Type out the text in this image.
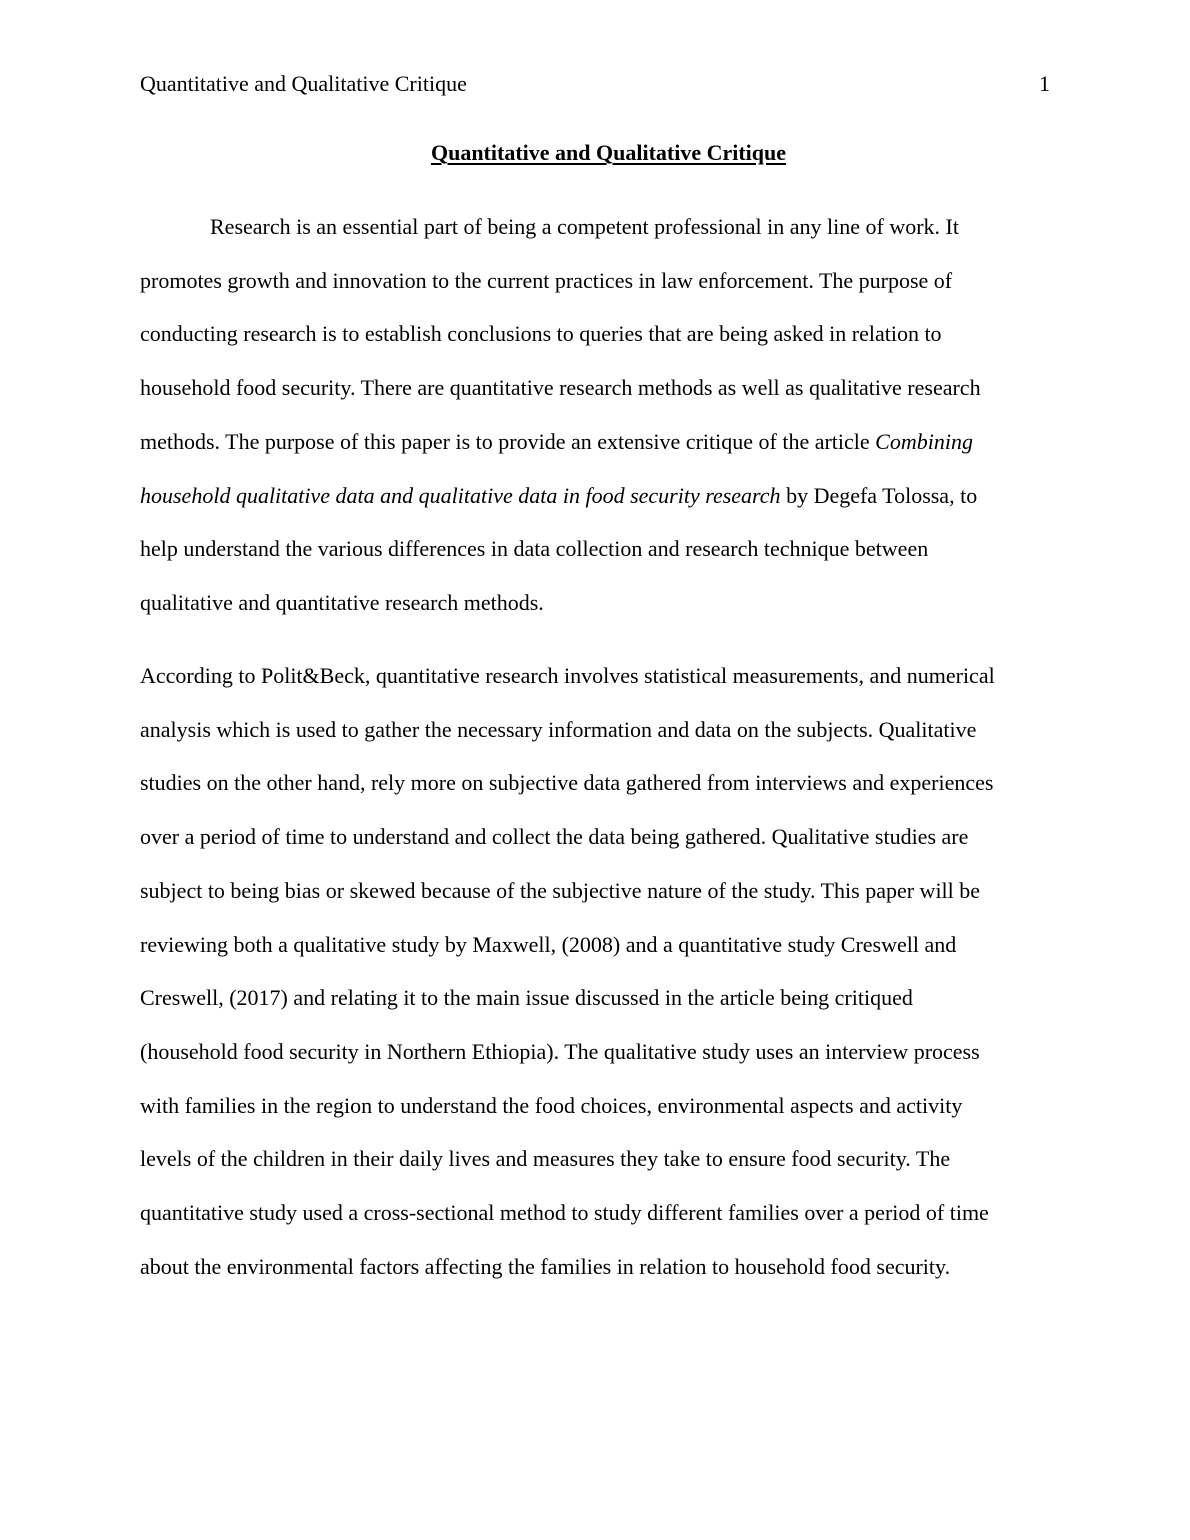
Quantitative and Qualitative Critique	1
Quantitative and Qualitative Critique
Research is an essential part of being a competent professional in any line of work. It
promotes growth and innovation to the current practices in law enforcement. The purpose of
conducting research is to establish conclusions to queries that are being asked in relation to
household food security. There are quantitative research methods as well as qualitative research
methods. The purpose of this paper is to provide an extensive critique of the article Combining
household qualitative data and qualitative data in food security research by Degefa Tolossa, to
help understand the various differences in data collection and research technique between
qualitative and quantitative research methods.
According to Polit&Beck, quantitative research involves statistical measurements, and numerical
analysis which is used to gather the necessary information and data on the subjects. Qualitative
studies on the other hand, rely more on subjective data gathered from interviews and experiences
over a period of time to understand and collect the data being gathered. Qualitative studies are
subject to being bias or skewed because of the subjective nature of the study. This paper will be
reviewing both a qualitative study by Maxwell, (2008) and a quantitative study Creswell and
Creswell, (2017) and relating it to the main issue discussed in the article being critiqued
(household food security in Northern Ethiopia). The qualitative study uses an interview process
with families in the region to understand the food choices, environmental aspects and activity
levels of the children in their daily lives and measures they take to ensure food security. The
quantitative study used a cross-sectional method to study different families over a period of time
about the environmental factors affecting the families in relation to household food security.
